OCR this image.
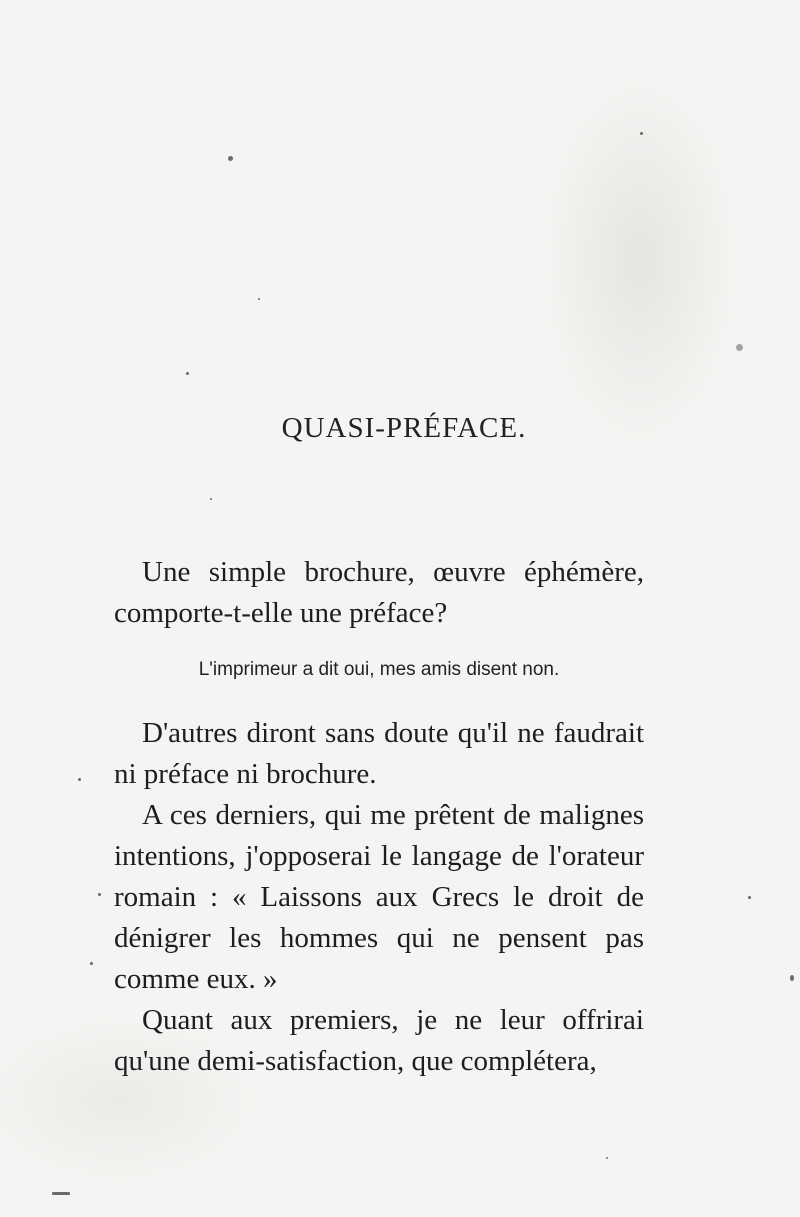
QUASI-PRÉFACE.

Une simple brochure, œuvre éphémère, comporte-t-elle une préface?

L'imprimeur a dit oui, mes amis disent non.

D'autres diront sans doute qu'il ne faudrait ni préface ni brochure.

A ces derniers, qui me prêtent de malignes intentions, j'opposerai le langage de l'orateur romain : « Laissons aux Grecs le droit de dénigrer les hommes qui ne pensent pas comme eux. »

Quant aux premiers, je ne leur offrirai qu'une demi-satisfaction, que complétera,
